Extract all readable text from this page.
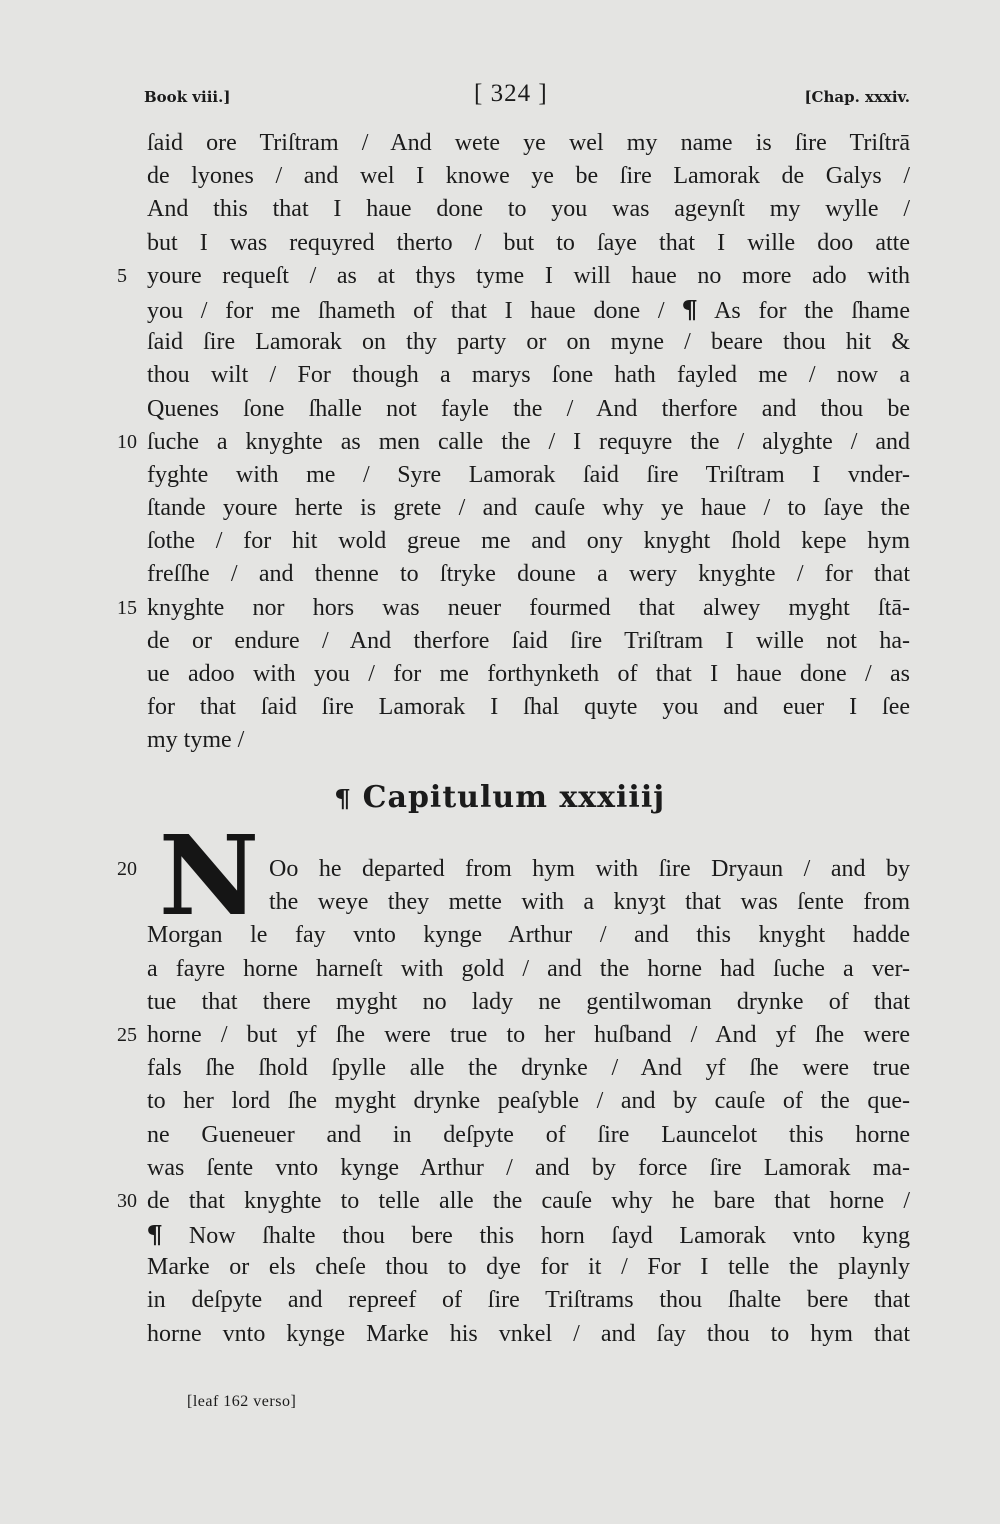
Book viii.]	[ 324 ]	[Chap. xxxiv.
ſaid ore Triſtram / And wete ye wel my name is ſire Triſtrā
de lyones / and wel I knowe ye be ſire Lamorak de Galys /
And this that I haue done to you was ageynſt my wylle /
but I was requyred therto / but to ſaye that I wille doo atte
5 youre requeſt / as at thys tyme I will haue no more ado with
you / for me ſhameth of that I haue done / ¶ As for the ſhame
ſaid ſire Lamorak on thy party or on myne / beare thou hit &
thou wilt / For though a marys ſone hath fayled me / now a
Quenes ſone ſhalle not fayle the / And therfore and thou be
10 ſuche a knyghte as men calle the / I requyre the / alyghte / and
fyghte with me / Syre Lamorak ſaid ſire Triſtram I vnder-
ſtande youre herte is grete / and cauſe why ye haue / to ſaye the
ſothe / for hit wold greue me and ony knyght ſhold kepe hym
freſſhe / and thenne to ſtryke doune a wery knyghte / for that
15 knyghte nor hors was neuer fourmed that alwey myght ſtā-
de or endure / And therfore ſaid ſire Triſtram I wille not ha-
ue adoo with you / for me forthynketh of that I haue done / as
for that ſaid ſire Lamorak I ſhal quyte you and euer I ſee
my tyme /
¶ Capitulum xxxiiij
N
20	Oo he departed from hym with ſire Dryaun / and by
the weye they mette with a knyȝt that was ſente from
Morgan le fay vnto kynge Arthur / and this knyght hadde
a fayre horne harneſt with gold / and the horne had ſuche a ver-
tue that there myght no lady ne gentilwoman drynke of that
25 horne / but yf ſhe were true to her huſband / And yf ſhe were
fals ſhe ſhold ſpylle alle the drynke / And yf ſhe were true
to her lord ſhe myght drynke peaſyble / and by cauſe of the que-
ne Gueneuer and in deſpyte of ſire Launcelot this horne
was ſente vnto kynge Arthur / and by force ſire Lamorak ma-
30 de that knyghte to telle alle the cauſe why he bare that horne /
¶ Now ſhalte thou bere this horn ſayd Lamorak vnto kyng
Marke or els cheſe thou to dye for it / For I telle the playnly
in deſpyte and repreef of ſire Triſtrams thou ſhalte bere that
horne vnto kynge Marke his vnkel / and ſay thou to hym that
[leaf 162 verso]
